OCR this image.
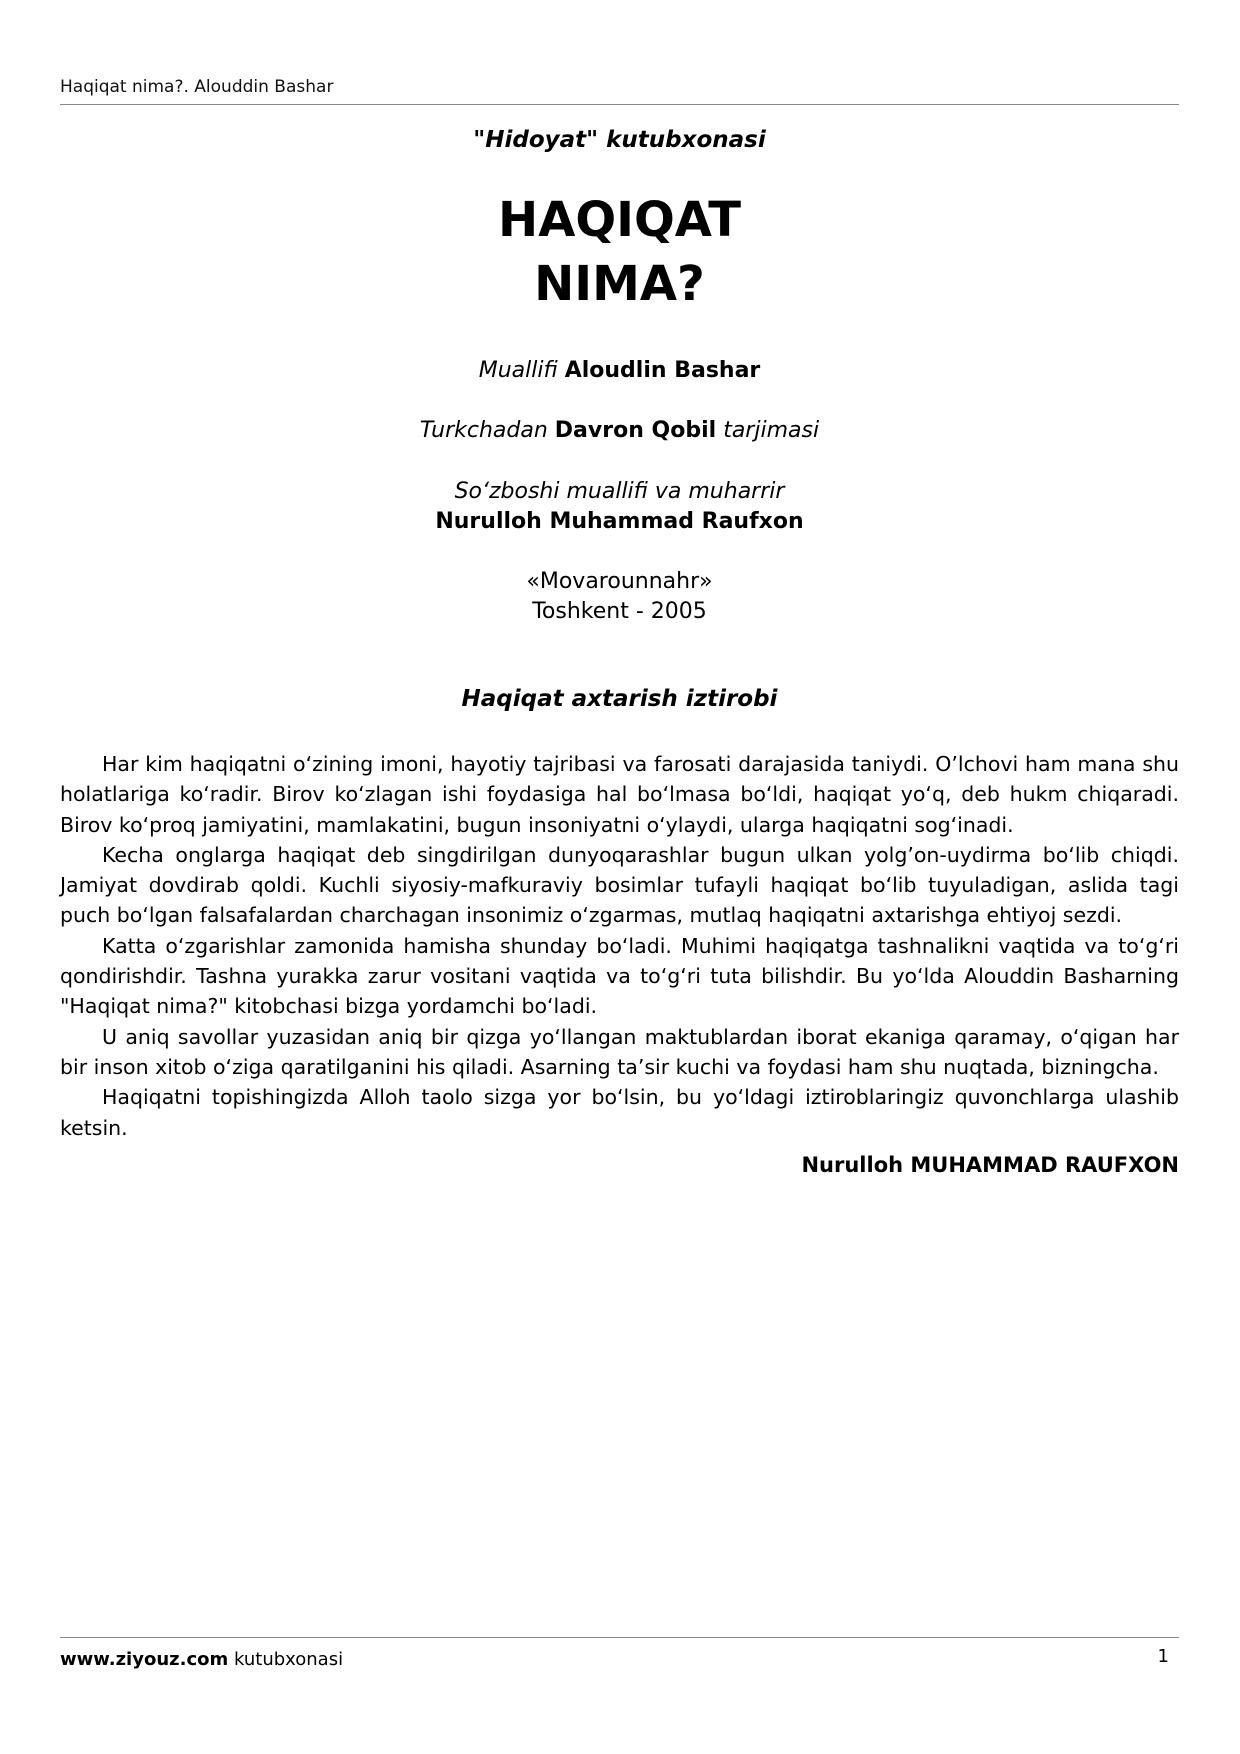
Haqiqat nima?. Alouddin Bashar

"Hidoyat" kutubxonasi

HAQIQAT
NIMA?

Muallifi Aloudlin Bashar

Turkchadan Davron Qobil tarjimasi

So‘zboshi muallifi va muharrir

Nurulloh Muhammad Raufxon

«Movarounnahr»

Toshkent - 2005

Haqiqat axtarish iztirobi

Har kim haqiqatni o‘zining imoni, hayotiy tajribasi va farosati darajasida taniydi. O’lchovi ham mana shu holatlariga ko‘radir. Birov ko‘zlagan ishi foydasiga hal bo‘lmasa bo‘ldi, haqiqat yo‘q, deb hukm chiqaradi. Birov ko‘proq jamiyatini, mamlakatini, bugun insoniyatni o‘ylaydi, ularga haqiqatni sog‘inadi.

Kecha onglarga haqiqat deb singdirilgan dunyoqarashlar bugun ulkan yolg’on-uydirma bo‘lib chiqdi. Jamiyat dovdirab qoldi. Kuchli siyosiy-mafkuraviy bosimlar tufayli haqiqat bo‘lib tuyuladigan, aslida tagi puch bo‘lgan falsafalardan charchagan insonimiz o‘zgarmas, mutlaq haqiqatni axtarishga ehtiyoj sezdi.

Katta o‘zgarishlar zamonida hamisha shunday bo‘ladi. Muhimi haqiqatga tashnalikni vaqtida va to‘g‘ri qondirishdir. Tashna yurakka zarur vositani vaqtida va to‘g‘ri tuta bilishdir. Bu yo‘lda Alouddin Basharning "Haqiqat nima?" kitobchasi bizga yordamchi bo‘ladi.

U aniq savollar yuzasidan aniq bir qizga yo‘llangan maktublardan iborat ekaniga qaramay, o‘qigan har bir inson xitob o‘ziga qaratilganini his qiladi. Asarning ta’sir kuchi va foydasi ham shu nuqtada, bizningcha.

Haqiqatni topishingizda Alloh taolo sizga yor bo‘lsin, bu yo‘ldagi iztiroblaringiz quvonchlarga ulashib ketsin.

Nurulloh MUHAMMAD RAUFXON
www.ziyouz.com kutubxonasi	1
